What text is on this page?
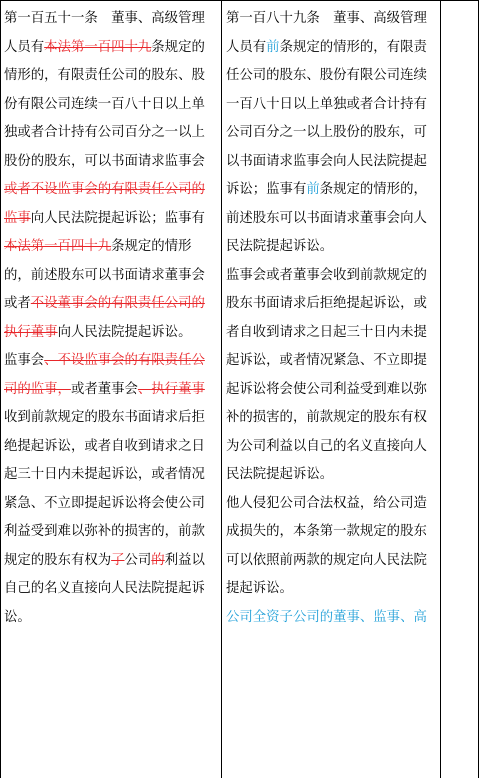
第一百五十一条　董事、高级管理人员有本法第一百四十九条规定的情形的，有限责任公司的股东、股份有限公司连续一百八十日以上单独或者合计持有公司百分之一以上股份的股东，可以书面请求监事会或者不设监事会的有限责任公司的监事向人民法院提起诉讼；监事有本法第一百四十九条规定的情形的，前述股东可以书面请求董事会或者不设董事会的有限责任公司的执行董事向人民法院提起诉讼。

监事会、不设监事会的有限责任公司的监事，或者董事会、执行董事收到前款规定的股东书面请求后拒绝提起诉讼，或者自收到请求之日起三十日内未提起诉讼，或者情况紧急、不立即提起诉讼将会使公司利益受到难以弥补的损害的，前款规定的股东有权为了公司的利益以自己的名义直接向人民法院提起诉讼。

第一百八十九条　董事、高级管理人员有前条规定的情形的，有限责任公司的股东、股份有限公司连续一百八十日以上单独或者合计持有公司百分之一以上股份的股东，可以书面请求监事会向人民法院提起诉讼；监事有前条规定的情形的，前述股东可以书面请求董事会向人民法院提起诉讼。

监事会或者董事会收到前款规定的股东书面请求后拒绝提起诉讼，或者自收到请求之日起三十日内未提起诉讼，或者情况紧急、不立即提起诉讼将会使公司利益受到难以弥补的损害的，前款规定的股东有权为公司利益以自己的名义直接向人民法院提起诉讼。

他人侵犯公司合法权益，给公司造成损失的，本条第一款规定的股东可以依照前两款的规定向人民法院提起诉讼。

公司全资子公司的董事、监事、高
